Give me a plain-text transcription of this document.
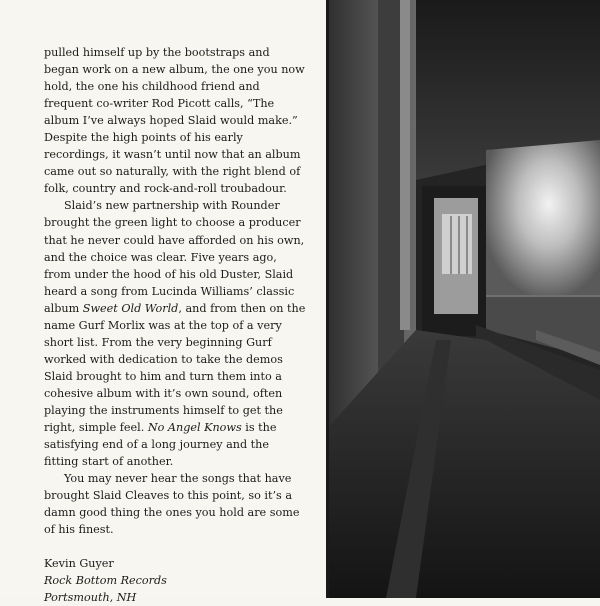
pulled himself up by the bootstraps and began work on a new album, the one you now hold, the one his childhood friend and frequent co-writer Rod Picott calls, “The album I’ve always hoped Slaid would make.” Despite the high points of his early recordings, it wasn’t until now that an album came out so naturally, with the right blend of folk, country and rock-and-roll troubadour.

Slaid’s new partnership with Rounder brought the green light to choose a producer that he never could have afforded on his own, and the choice was clear. Five years ago, from under the hood of his old Duster, Slaid heard a song from Lucinda Williams’ classic album Sweet Old World, and from then on the name Gurf Morlix was at the top of a very short list. From the very beginning Gurf worked with dedication to take the demos Slaid brought to him and turn them into a cohesive album with it’s own sound, often playing the instruments himself to get the right, simple feel. No Angel Knows is the satisfying end of a long journey and the fitting start of another.

You may never hear the songs that have brought Slaid Cleaves to this point, so it’s a damn good thing the ones you hold are some of his finest.

Kevin Guyer
Rock Bottom Records
Portsmouth, NH
